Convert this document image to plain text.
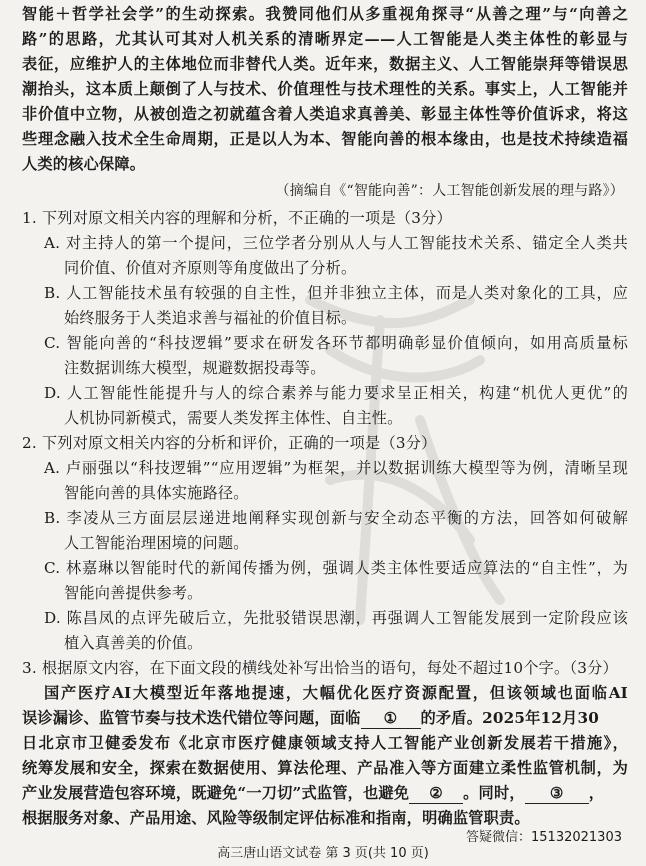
智能＋哲学社会学”的生动探索。我赞同他们从多重视角探寻“从善之理”与“向善之
路”的思路，尤其认可其对人机关系的清晰界定——人工智能是人类主体性的彰显与
表征，应维护人的主体地位而非替代人类。近年来，数据主义、人工智能崇拜等错误思
潮抬头，这本质上颠倒了人与技术、价值理性与技术理性的关系。事实上，人工智能并
非价值中立物，从被创造之初就蕴含着人类追求真善美、彰显主体性等价值诉求，将这
些理念融入技术全生命周期，正是以人为本、智能向善的根本缘由，也是技术持续造福
人类的核心保障。
（摘编自《“智能向善”：人工智能创新发展的理与路》）
1. 下列对原文相关内容的理解和分析，不正确的一项是（3分）
A. 对主持人的第一个提问，三位学者分别从人与人工智能技术关系、锚定全人类共
同价值、价值对齐原则等角度做出了分析。
B. 人工智能技术虽有较强的自主性，但并非独立主体，而是人类对象化的工具，应
始终服务于人类追求善与福祉的价值目标。
C. 智能向善的“科技逻辑”要求在研发各环节都明确彰显价值倾向，如用高质量标
注数据训练大模型，规避数据投毒等。
D. 人工智能性能提升与人的综合素养与能力要求呈正相关，构建“机优人更优”的
人机协同新模式，需要人类发挥主体性、自主性。
2. 下列对原文相关内容的分析和评价，正确的一项是（3分）
A. 卢丽强以“科技逻辑”“应用逻辑”为框架，并以数据训练大模型等为例，清晰呈现
智能向善的具体实施路径。
B. 李凌从三方面层层递进地阐释实现创新与安全动态平衡的方法，回答如何破解
人工智能治理困境的问题。
C. 林嘉琳以智能时代的新闻传播为例，强调人类主体性要适应算法的“自主性”，为
智能向善提供参考。
D. 陈昌凤的点评先破后立，先批驳错误思潮，再强调人工智能发展到一定阶段应该
植入真善美的价值。
3. 根据原文内容，在下面文段的横线处补写出恰当的语句，每处不超过10个字。（3分）
国产医疗AI大模型近年落地提速，大幅优化医疗资源配置，但该领域也面临AI
误诊漏诊、监管节奏与技术迭代错位等问题，面临 ① 的矛盾。2025年12月30
日北京市卫健委发布《北京市医疗健康领域支持人工智能产业创新发展若干措施》，
统筹发展和安全，探索在数据使用、算法伦理、产品准入等方面建立柔性监管机制，为
产业发展营造包容环境，既避免“一刀切”式监管，也避免 ② 。同时， ③ ，
根据服务对象、产品用途、风险等级制定评估标准和指南，明确监管职责。
答疑微信：15132021303
高三唐山语文试卷 第 3 页(共 10 页)
